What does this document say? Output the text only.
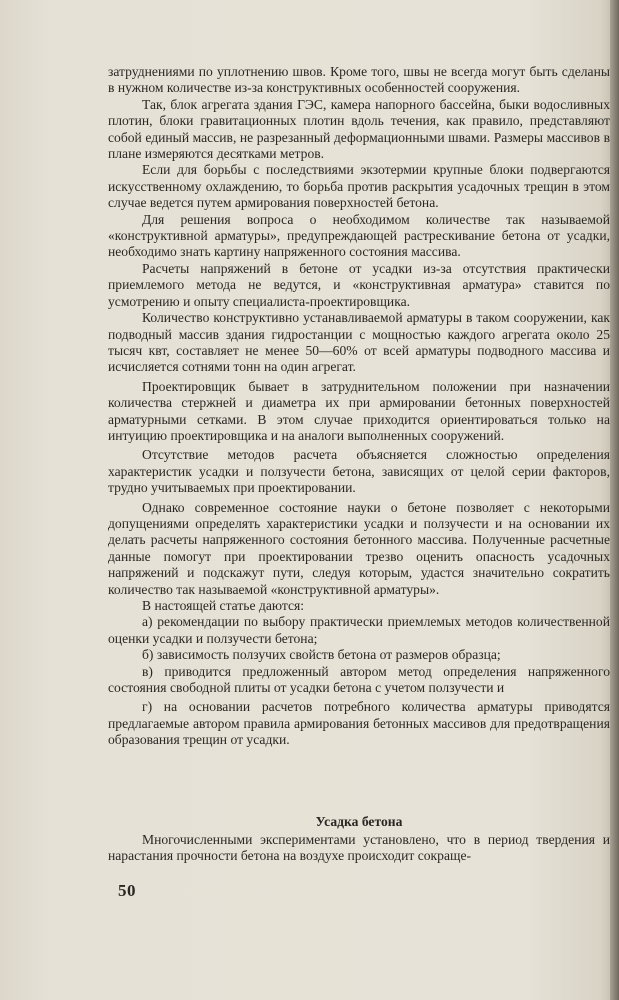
затруднениями по уплотнению швов. Кроме того, швы не всегда могут быть сделаны в нужном количестве из-за конструктивных особенностей сооружения.

Так, блок агрегата здания ГЭС, камера напорного бассейна, быки водосливных плотин, блоки гравитационных плотин вдоль течения, как правило, представляют собой единый массив, не разрезанный деформационными швами. Размеры массивов в плане измеряются десятками метров.

Если для борьбы с последствиями экзотермии крупные блоки подвергаются искусственному охлаждению, то борьба против раскрытия усадочных трещин в этом случае ведется путем армирования поверхностей бетона.

Для решения вопроса о необходимом количестве так называемой «конструктивной арматуры», предупреждающей растрескивание бетона от усадки, необходимо знать картину напряженного состояния массива.

Расчеты напряжений в бетоне от усадки из-за отсутствия практически приемлемого метода не ведутся, и «конструктивная арматура» ставится по усмотрению и опыту специалиста-проектировщика.

Количество конструктивно устанавливаемой арматуры в таком сооружении, как подводный массив здания гидростанции с мощностью каждого агрегата около 25 тысяч квт, составляет не менее 50—60% от всей арматуры подводного массива и исчисляется сотнями тонн на один агрегат.

Проектировщик бывает в затруднительном положении при назначении количества стержней и диаметра их при армировании бетонных поверхностей арматурными сетками. В этом случае приходится ориентироваться только на интуицию проектировщика и на аналоги выполненных сооружений.

Отсутствие методов расчета объясняется сложностью определения характеристик усадки и ползучести бетона, зависящих от целой серии факторов, трудно учитываемых при проектировании.

Однако современное состояние науки о бетоне позволяет с некоторыми допущениями определять характеристики усадки и ползучести и на основании их делать расчеты напряженного состояния бетонного массива. Полученные расчетные данные помогут при проектировании трезво оценить опасность усадочных напряжений и подскажут пути, следуя которым, удастся значительно сократить количество так называемой «конструктивной арматуры».

В настоящей статье даются:

а) рекомендации по выбору практически приемлемых методов количественной оценки усадки и ползучести бетона;

б) зависимость ползучих свойств бетона от размеров образца;

в) приводится предложенный автором метод определения напряженного состояния свободной плиты от усадки бетона с учетом ползучести и

г) на основании расчетов потребного количества арматуры приводятся предлагаемые автором правила армирования бетонных массивов для предотвращения образования трещин от усадки.

Усадка бетона

Многочисленными экспериментами установлено, что в период твердения и нарастания прочности бетона на воздухе происходит сокраще-

50
